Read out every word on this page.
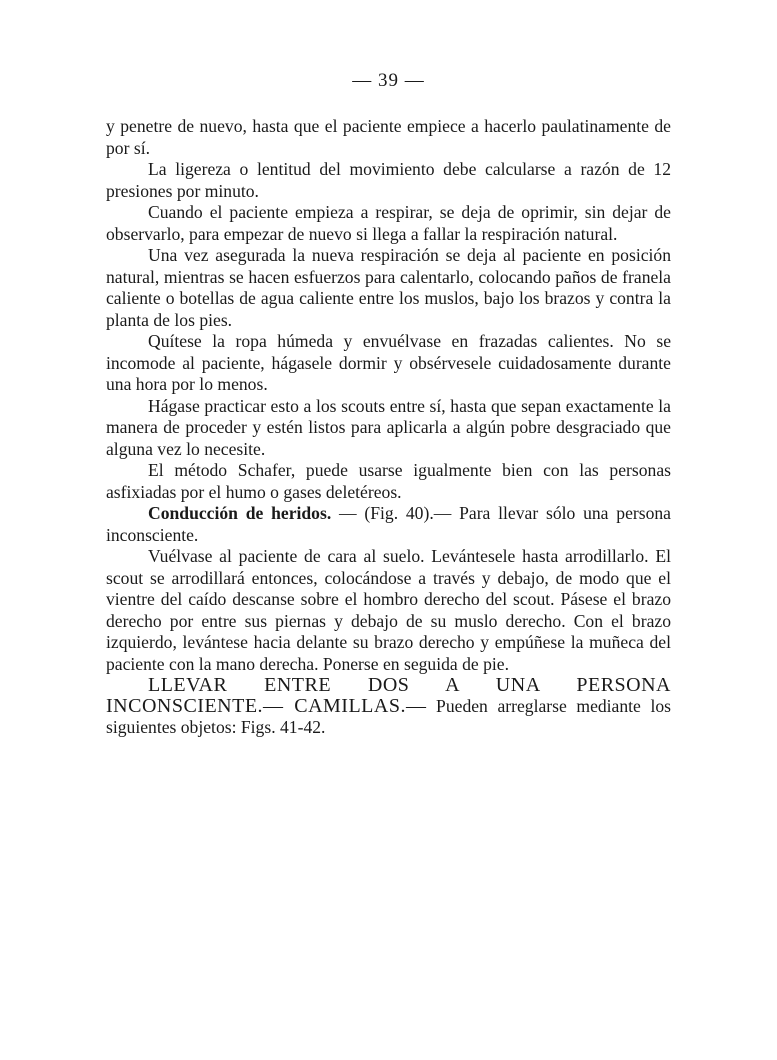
— 39 —

y penetre de nuevo, hasta que el paciente empiece a hacerlo paulatinamente de por sí.

La ligereza o lentitud del movimiento debe calcularse a razón de 12 presiones por minuto.

Cuando el paciente empieza a respirar, se deja de oprimir, sin dejar de observarlo, para empezar de nuevo si llega a fallar la respiración natural.

Una vez asegurada la nueva respiración se deja al paciente en posición natural, mientras se hacen esfuerzos para calentarlo, colocando paños de franela caliente o botellas de agua caliente entre los muslos, bajo los brazos y contra la planta de los pies.

Quítese la ropa húmeda y envuélvase en frazadas calientes. No se incomode al paciente, hágasele dormir y obsérvesele cuidadosamente durante una hora por lo menos.

Hágase practicar esto a los scouts entre sí, hasta que sepan exactamente la manera de proceder y estén listos para aplicarla a algún pobre desgraciado que alguna vez lo necesite.

El método Schafer, puede usarse igualmente bien con las personas asfixiadas por el humo o gases deletéreos.

Conducción de heridos. — (Fig. 40).— Para llevar sólo una persona inconsciente.

Vuélvase al paciente de cara al suelo. Levántesele hasta arrodillarlo. El scout se arrodillará entonces, colocándose a través y debajo, de modo que el vientre del caído descanse sobre el hombro derecho del scout. Pásese el brazo derecho por entre sus piernas y debajo de su muslo derecho. Con el brazo izquierdo, levántese hacia delante su brazo derecho y empúñese la muñeca del paciente con la mano derecha. Ponerse en seguida de pie.

LLEVAR ENTRE DOS A UNA PERSONA INCONSCIENTE.— CAMILLAS.— Pueden arreglarse mediante los siguientes objetos: Figs. 41-42.
